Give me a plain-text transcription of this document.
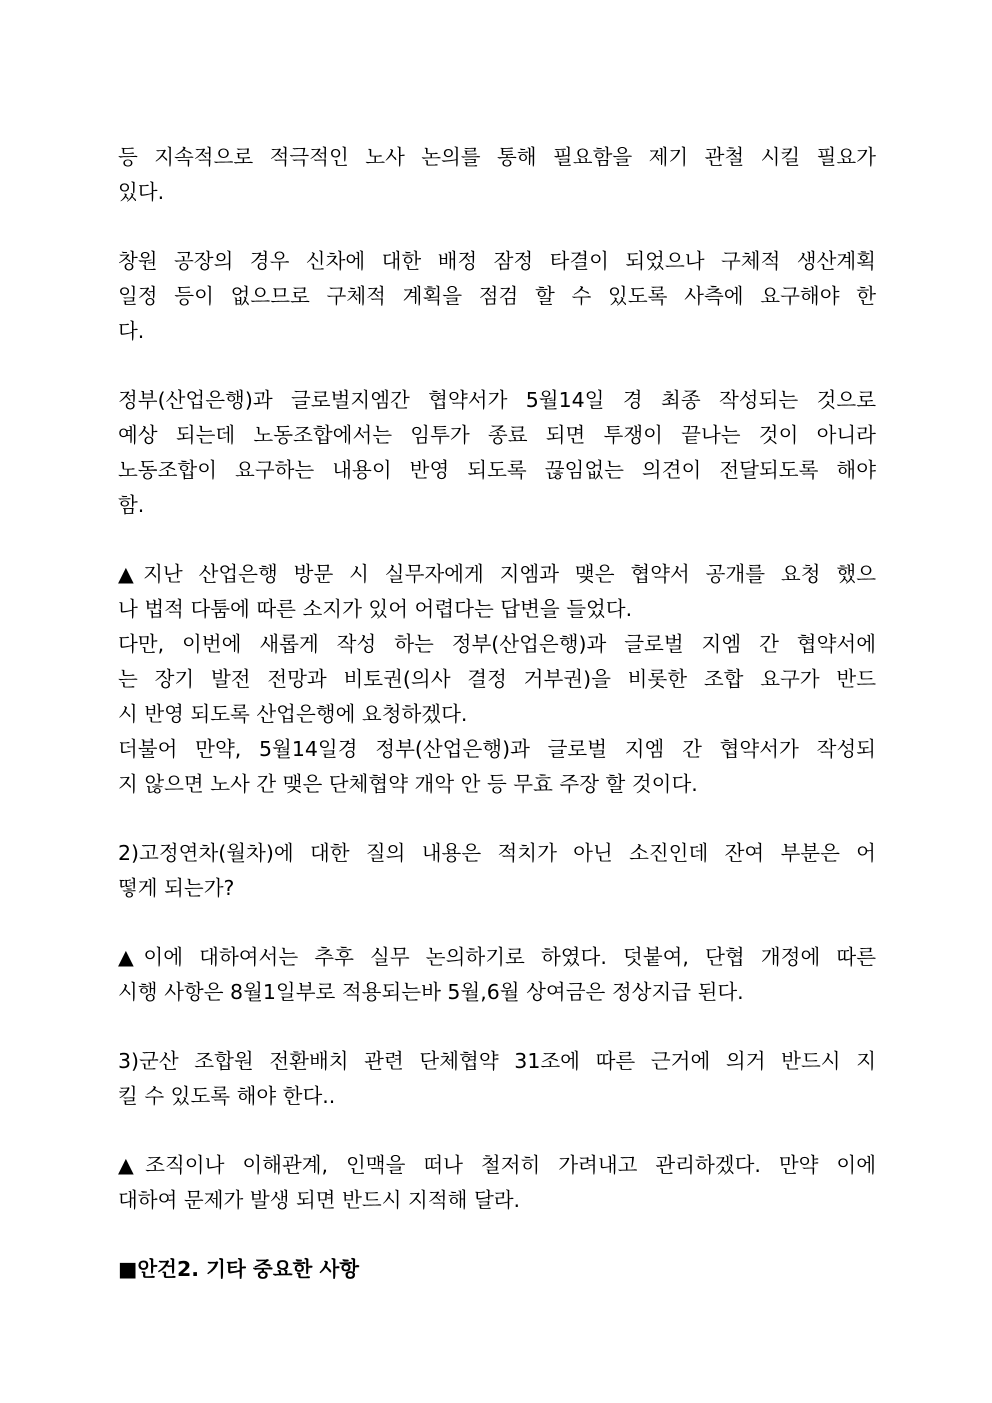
등 지속적으로 적극적인 노사 논의를 통해 필요함을 제기 관철 시킬 필요가
있다.
창원 공장의 경우 신차에 대한 배정 잠정 타결이 되었으나 구체적 생산계획
일정 등이 없으므로 구체적 계획을 점검 할 수 있도록 사측에 요구해야 한
다.
정부(산업은행)과 글로벌지엠간 협약서가 5월14일 경 최종 작성되는 것으로
예상 되는데 노동조합에서는 임투가 종료 되면 투쟁이 끝나는 것이 아니라
노동조합이 요구하는 내용이 반영 되도록 끊임없는 의견이 전달되도록 해야
함.
▲지난 산업은행 방문 시 실무자에게 지엠과 맺은 협약서 공개를 요청 했으
나 법적 다툼에 따른 소지가 있어 어렵다는 답변을 들었다.
다만, 이번에 새롭게 작성 하는 정부(산업은행)과 글로벌 지엠 간 협약서에
는 장기 발전 전망과 비토권(의사 결정 거부권)을 비롯한 조합 요구가 반드
시 반영 되도록 산업은행에 요청하겠다.
더불어 만약, 5월14일경 정부(산업은행)과 글로벌 지엠 간 협약서가 작성되
지 않으면 노사 간 맺은 단체협약 개악 안 등 무효 주장 할 것이다.
2)고정연차(월차)에 대한 질의 내용은 적치가 아닌 소진인데 잔여 부분은 어
떻게 되는가?
▲이에 대하여서는 추후 실무 논의하기로 하였다. 덧붙여, 단협 개정에 따른
시행 사항은 8월1일부로 적용되는바 5월,6월 상여금은 정상지급 된다.
3)군산 조합원 전환배치 관련 단체협약 31조에 따른 근거에 의거 반드시 지
킬 수 있도록 해야 한다..
▲조직이나 이해관계, 인맥을 떠나 철저히 가려내고 관리하겠다. 만약 이에
대하여 문제가 발생 되면 반드시 지적해 달라.
■안건2. 기타 중요한 사항
